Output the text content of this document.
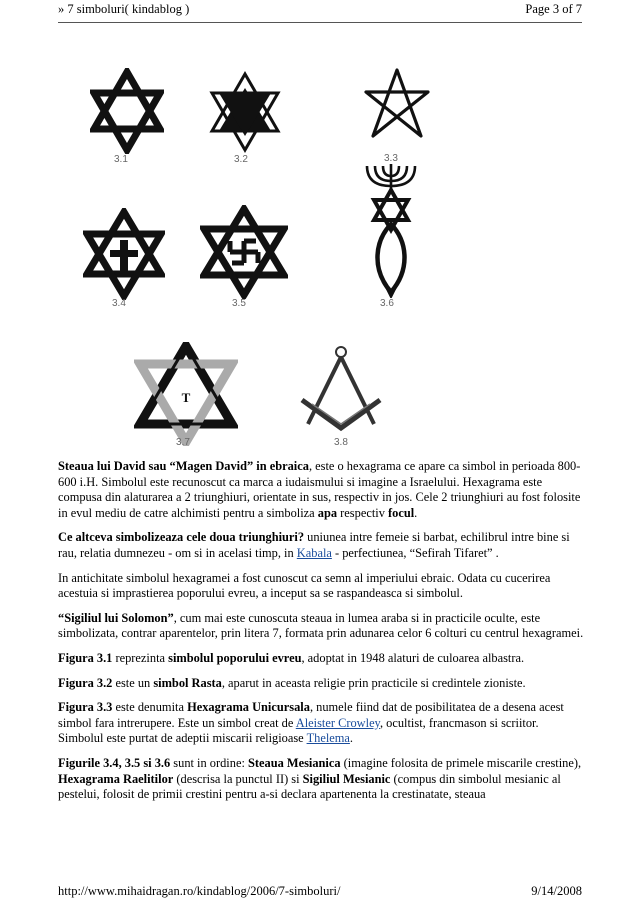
» 7 simboluri( kindablog )	Page 3 of 7
3.1	3.2	3.3
3.4	3.5	3.6
T
3.7	3.8

Steaua lui David sau “Magen David” in ebraica, este o hexagrama ce apare ca simbol in perioada 800-600 i.H. Simbolul este recunoscut ca marca a iudaismului si imagine a Israelului. Hexagrama este compusa din alaturarea a 2 triunghiuri, orientate in sus, respectiv in jos. Cele 2 triunghiuri au fost folosite in evul mediu de catre alchimisti pentru a simboliza apa respectiv focul.

Ce altceva simbolizeaza cele doua triunghiuri? uniunea intre femeie si barbat, echilibrul intre bine si rau, relatia dumnezeu - om si in acelasi timp, in Kabala - perfectiunea, “Sefirah Tifaret” .

In antichitate simbolul hexagramei a fost cunoscut ca semn al imperiului ebraic. Odata cu cucerirea acestuia si imprastierea poporului evreu, a inceput sa se raspandeasca si simbolul.

“Sigiliul lui Solomon”, cum mai este cunoscuta steaua in lumea araba si in practicile oculte, este simbolizata, contrar aparentelor, prin litera 7, formata prin adunarea celor 6 colturi cu centrul hexagramei.

Figura 3.1 reprezinta simbolul poporului evreu, adoptat in 1948 alaturi de culoarea albastra.

Figura 3.2 este un simbol Rasta, aparut in aceasta religie prin practicile si credintele zioniste.

Figura 3.3 este denumita Hexagrama Unicursala, numele fiind dat de posibilitatea de a desena acest simbol fara intrerupere. Este un simbol creat de Aleister Crowley, ocultist, francmason si scriitor. Simbolul este purtat de adeptii miscarii religioase Thelema.

Figurile 3.4, 3.5 si 3.6 sunt in ordine: Steaua Mesianica (imagine folosita de primele miscarile crestine), Hexagrama Raelitilor (descrisa la punctul II) si Sigiliul Mesianic (compus din simbolul mesianic al pestelui, folosit de primii crestini pentru a-si declara apartenenta la crestinatate, steaua

http://www.mihaidragan.ro/kindablog/2006/7-simboluri/	9/14/2008
